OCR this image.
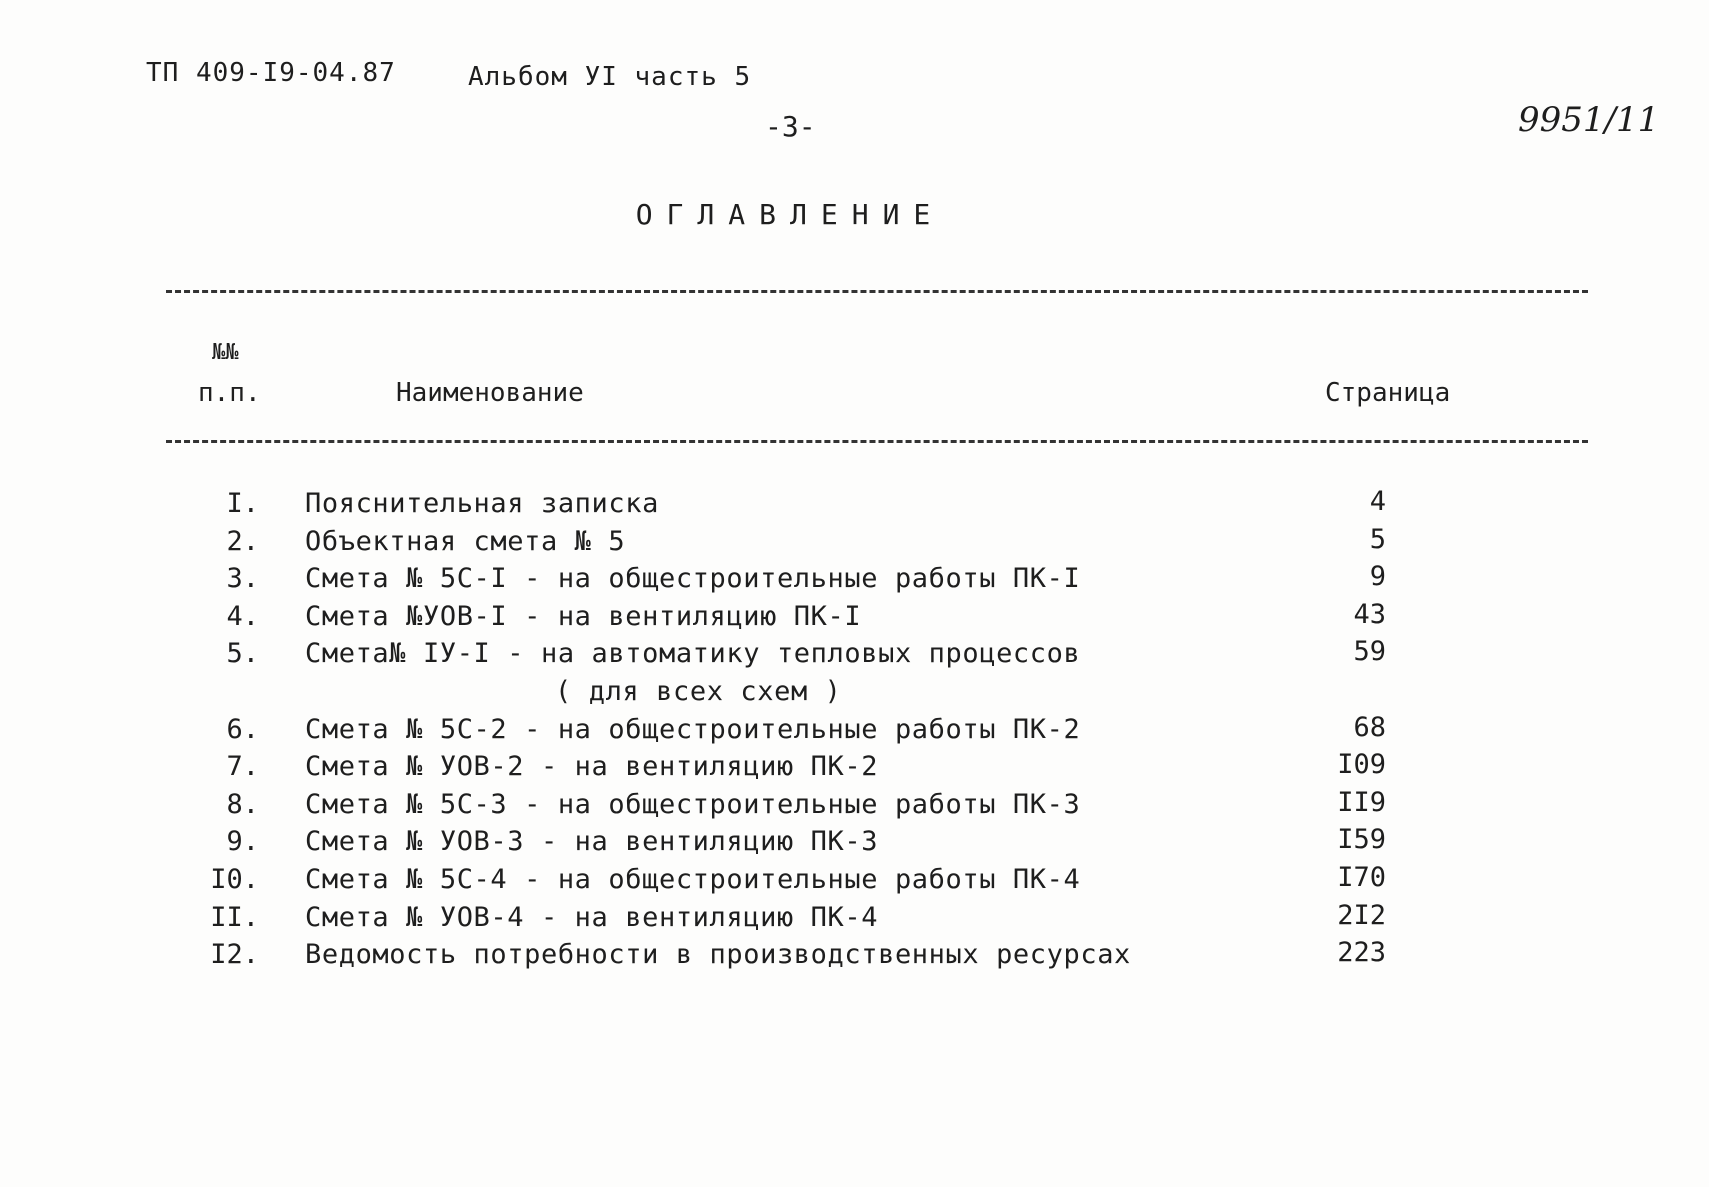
ТП 409-I9-04.87	Альбом УI часть 5
-3-	9951/11
ОГЛАВЛЕНИЕ
№№
п.п.	Наименование	Страница
I. Пояснительная записка	4
2. Объектная смета № 5	5
3. Смета № 5С-I - на общестроительные работы ПК-I	9
4. Смета №УОВ-I - на вентиляцию ПК-I	43
5. Смета№ IУ-I - на автоматику тепловых процессов	59
( для всех схем )
6. Смета № 5С-2 - на общестроительные работы ПК-2	68
7. Смета № УОВ-2 - на вентиляцию ПК-2	I09
8. Смета № 5С-3 - на общестроительные работы ПК-3	II9
9. Смета № УОВ-3 - на вентиляцию ПК-3	I59
I0. Смета № 5С-4 - на общестроительные работы ПК-4	I70
II. Смета № УОВ-4 - на вентиляцию ПК-4	2I2
I2. Ведомость потребности в производственных ресурсах	223
